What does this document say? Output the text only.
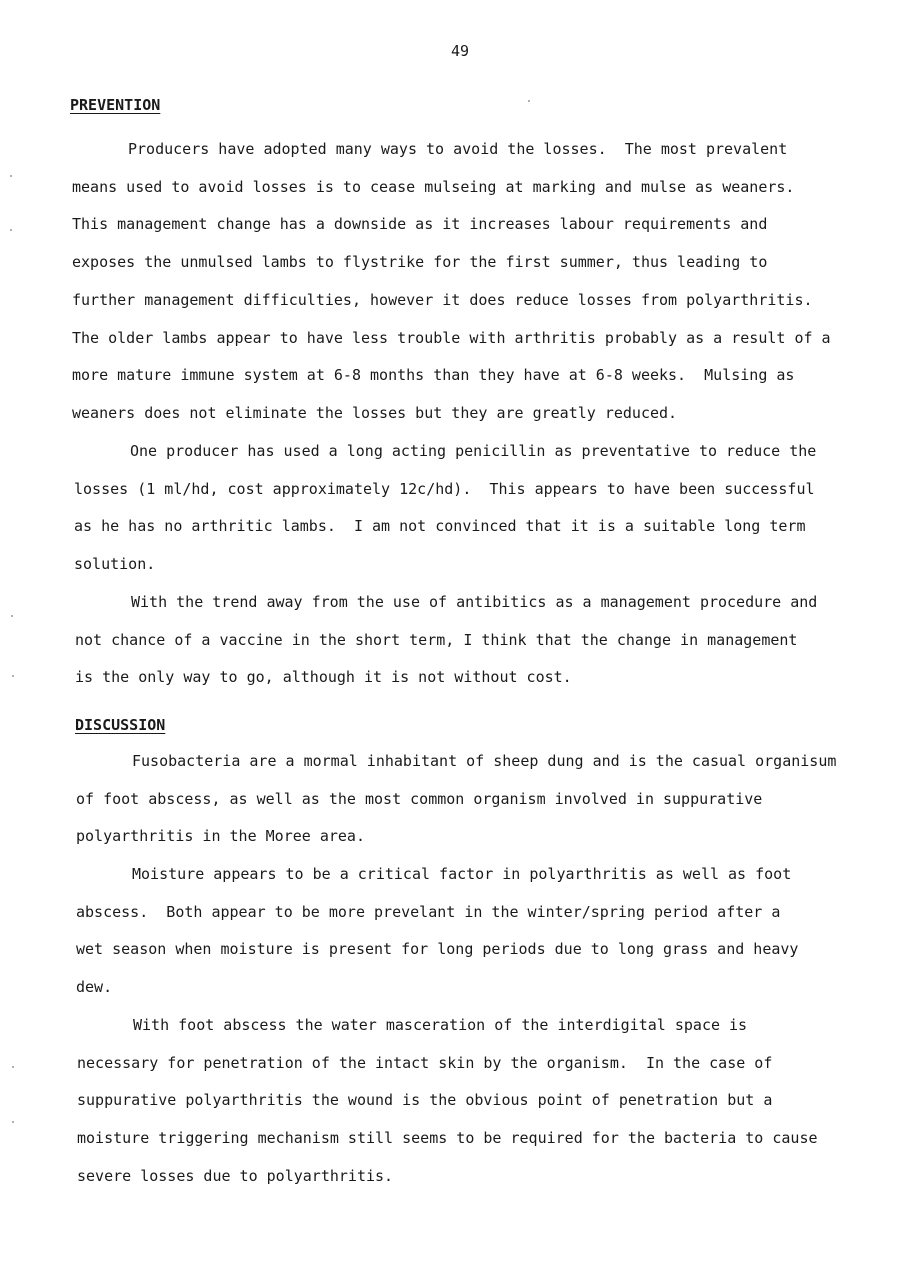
49
PREVENTION
Producers have adopted many ways to avoid the losses.  The most prevalent
means used to avoid losses is to cease mulseing at marking and mulse as weaners.
This management change has a downside as it increases labour requirements and
exposes the unmulsed lambs to flystrike for the first summer, thus leading to
further management difficulties, however it does reduce losses from polyarthritis.
The older lambs appear to have less trouble with arthritis probably as a result of a
more mature immune system at 6-8 months than they have at 6-8 weeks.  Mulsing as
weaners does not eliminate the losses but they are greatly reduced.
One producer has used a long acting penicillin as preventative to reduce the
losses (1 ml/hd, cost approximately 12c/hd).  This appears to have been successful
as he has no arthritic lambs.  I am not convinced that it is a suitable long term
solution.
With the trend away from the use of antibitics as a management procedure and
not chance of a vaccine in the short term, I think that the change in management
is the only way to go, although it is not without cost.
DISCUSSION
Fusobacteria are a mormal inhabitant of sheep dung and is the casual organisum
of foot abscess, as well as the most common organism involved in suppurative
polyarthritis in the Moree area.
Moisture appears to be a critical factor in polyarthritis as well as foot
abscess.  Both appear to be more prevelant in the winter/spring period after a
wet season when moisture is present for long periods due to long grass and heavy
dew.
With foot abscess the water masceration of the interdigital space is
necessary for penetration of the intact skin by the organism.  In the case of
suppurative polyarthritis the wound is the obvious point of penetration but a
moisture triggering mechanism still seems to be required for the bacteria to cause
severe losses due to polyarthritis.
